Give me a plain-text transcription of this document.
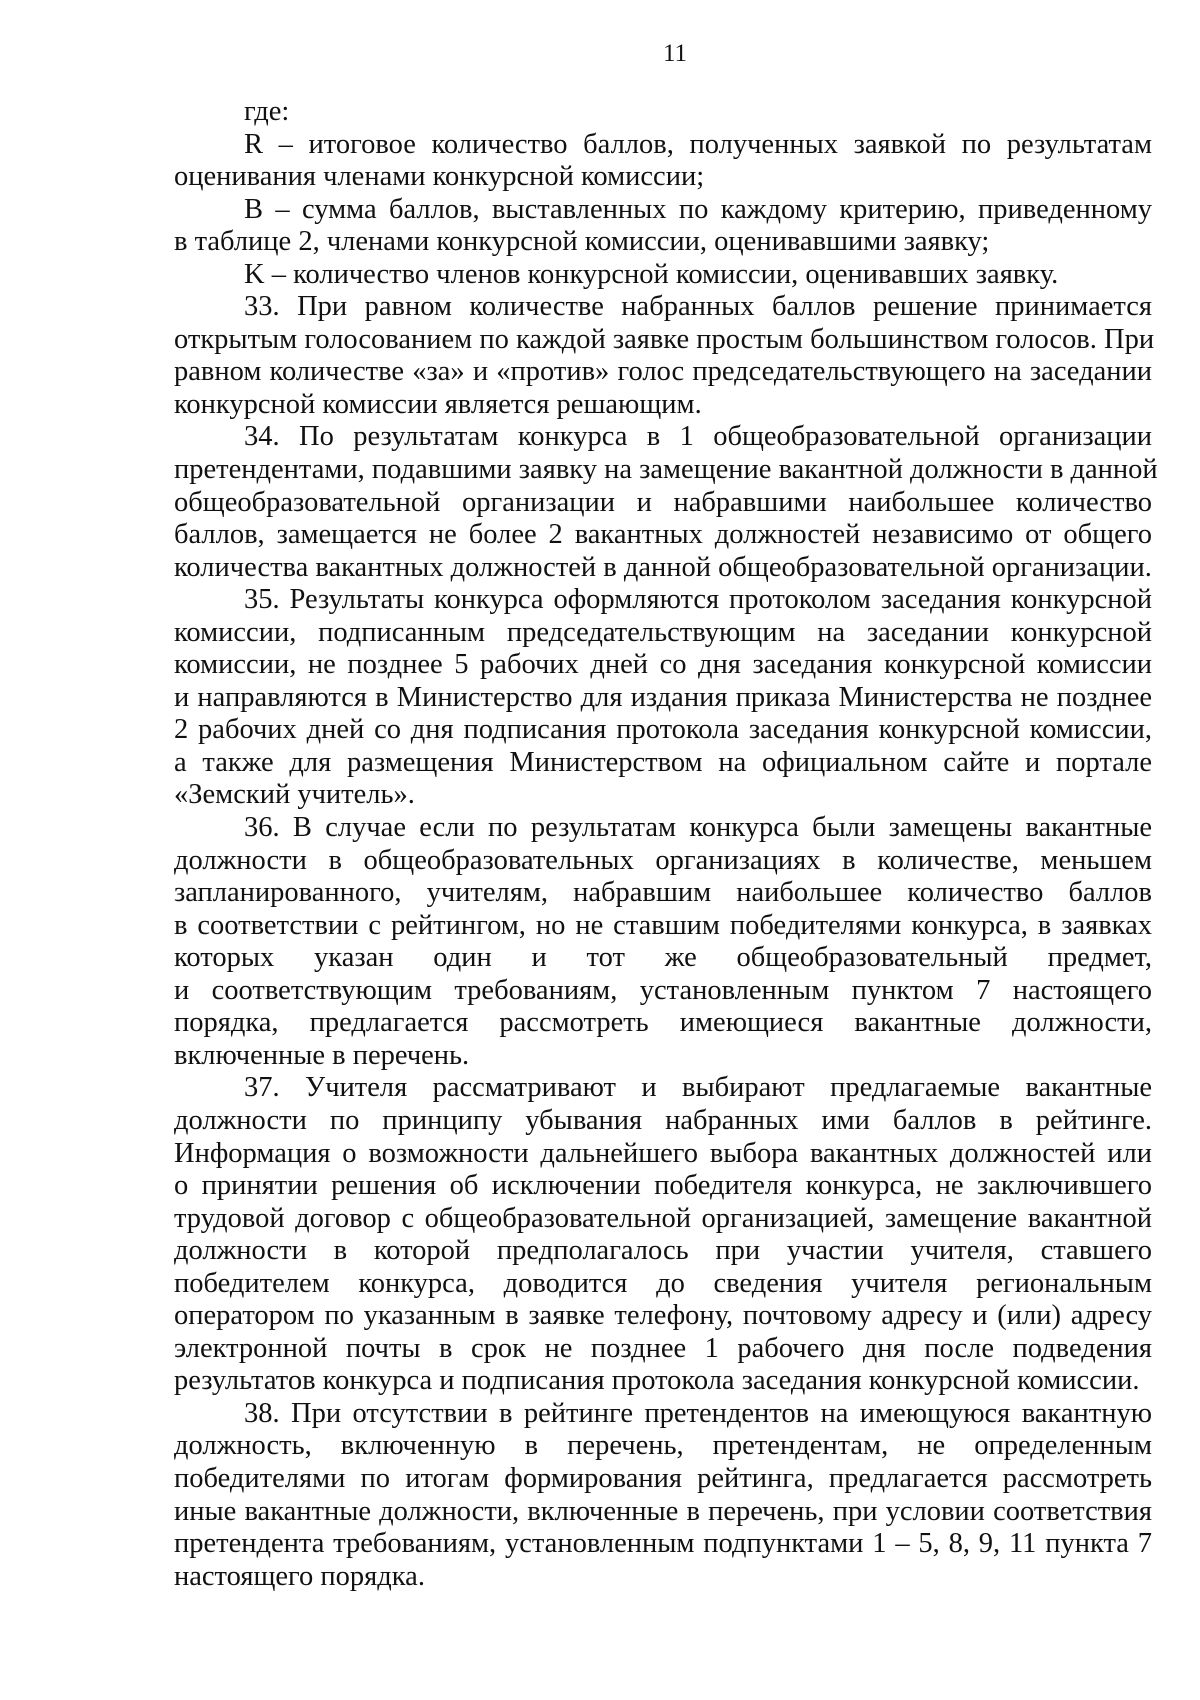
11
где:
R – итоговое количество баллов, полученных заявкой по результатам
оценивания членами конкурсной комиссии;
B – сумма баллов, выставленных по каждому критерию, приведенному
в таблице 2, членами конкурсной комиссии, оценивавшими заявку;
K – количество членов конкурсной комиссии, оценивавших заявку.
33. При равном количестве набранных баллов решение принимается
открытым голосованием по каждой заявке простым большинством голосов. При
равном количестве «за» и «против» голос председательствующего на заседании
конкурсной комиссии является решающим.
34. По результатам конкурса в 1 общеобразовательной организации
претендентами, подавшими заявку на замещение вакантной должности в данной
общеобразовательной организации и набравшими наибольшее количество
баллов, замещается не более 2 вакантных должностей независимо от общего
количества вакантных должностей в данной общеобразовательной организации.
35. Результаты конкурса оформляются протоколом заседания конкурсной
комиссии, подписанным председательствующим на заседании конкурсной
комиссии, не позднее 5 рабочих дней со дня заседания конкурсной комиссии
и направляются в Министерство для издания приказа Министерства не позднее
2 рабочих дней со дня подписания протокола заседания конкурсной комиссии,
а также для размещения Министерством на официальном сайте и портале
«Земский учитель».
36. В случае если по результатам конкурса были замещены вакантные
должности в общеобразовательных организациях в количестве, меньшем
запланированного, учителям, набравшим наибольшее количество баллов
в соответствии с рейтингом, но не ставшим победителями конкурса, в заявках
которых указан один и тот же общеобразовательный предмет,
и соответствующим требованиям, установленным пунктом 7 настоящего
порядка, предлагается рассмотреть имеющиеся вакантные должности,
включенные в перечень.
37. Учителя рассматривают и выбирают предлагаемые вакантные
должности по принципу убывания набранных ими баллов в рейтинге.
Информация о возможности дальнейшего выбора вакантных должностей или
о принятии решения об исключении победителя конкурса, не заключившего
трудовой договор с общеобразовательной организацией, замещение вакантной
должности в которой предполагалось при участии учителя, ставшего
победителем конкурса, доводится до сведения учителя региональным
оператором по указанным в заявке телефону, почтовому адресу и (или) адресу
электронной почты в срок не позднее 1 рабочего дня после подведения
результатов конкурса и подписания протокола заседания конкурсной комиссии.
38. При отсутствии в рейтинге претендентов на имеющуюся вакантную
должность, включенную в перечень, претендентам, не определенным
победителями по итогам формирования рейтинга, предлагается рассмотреть
иные вакантные должности, включенные в перечень, при условии соответствия
претендента требованиям, установленным подпунктами 1 – 5, 8, 9, 11 пункта 7
настоящего порядка.
